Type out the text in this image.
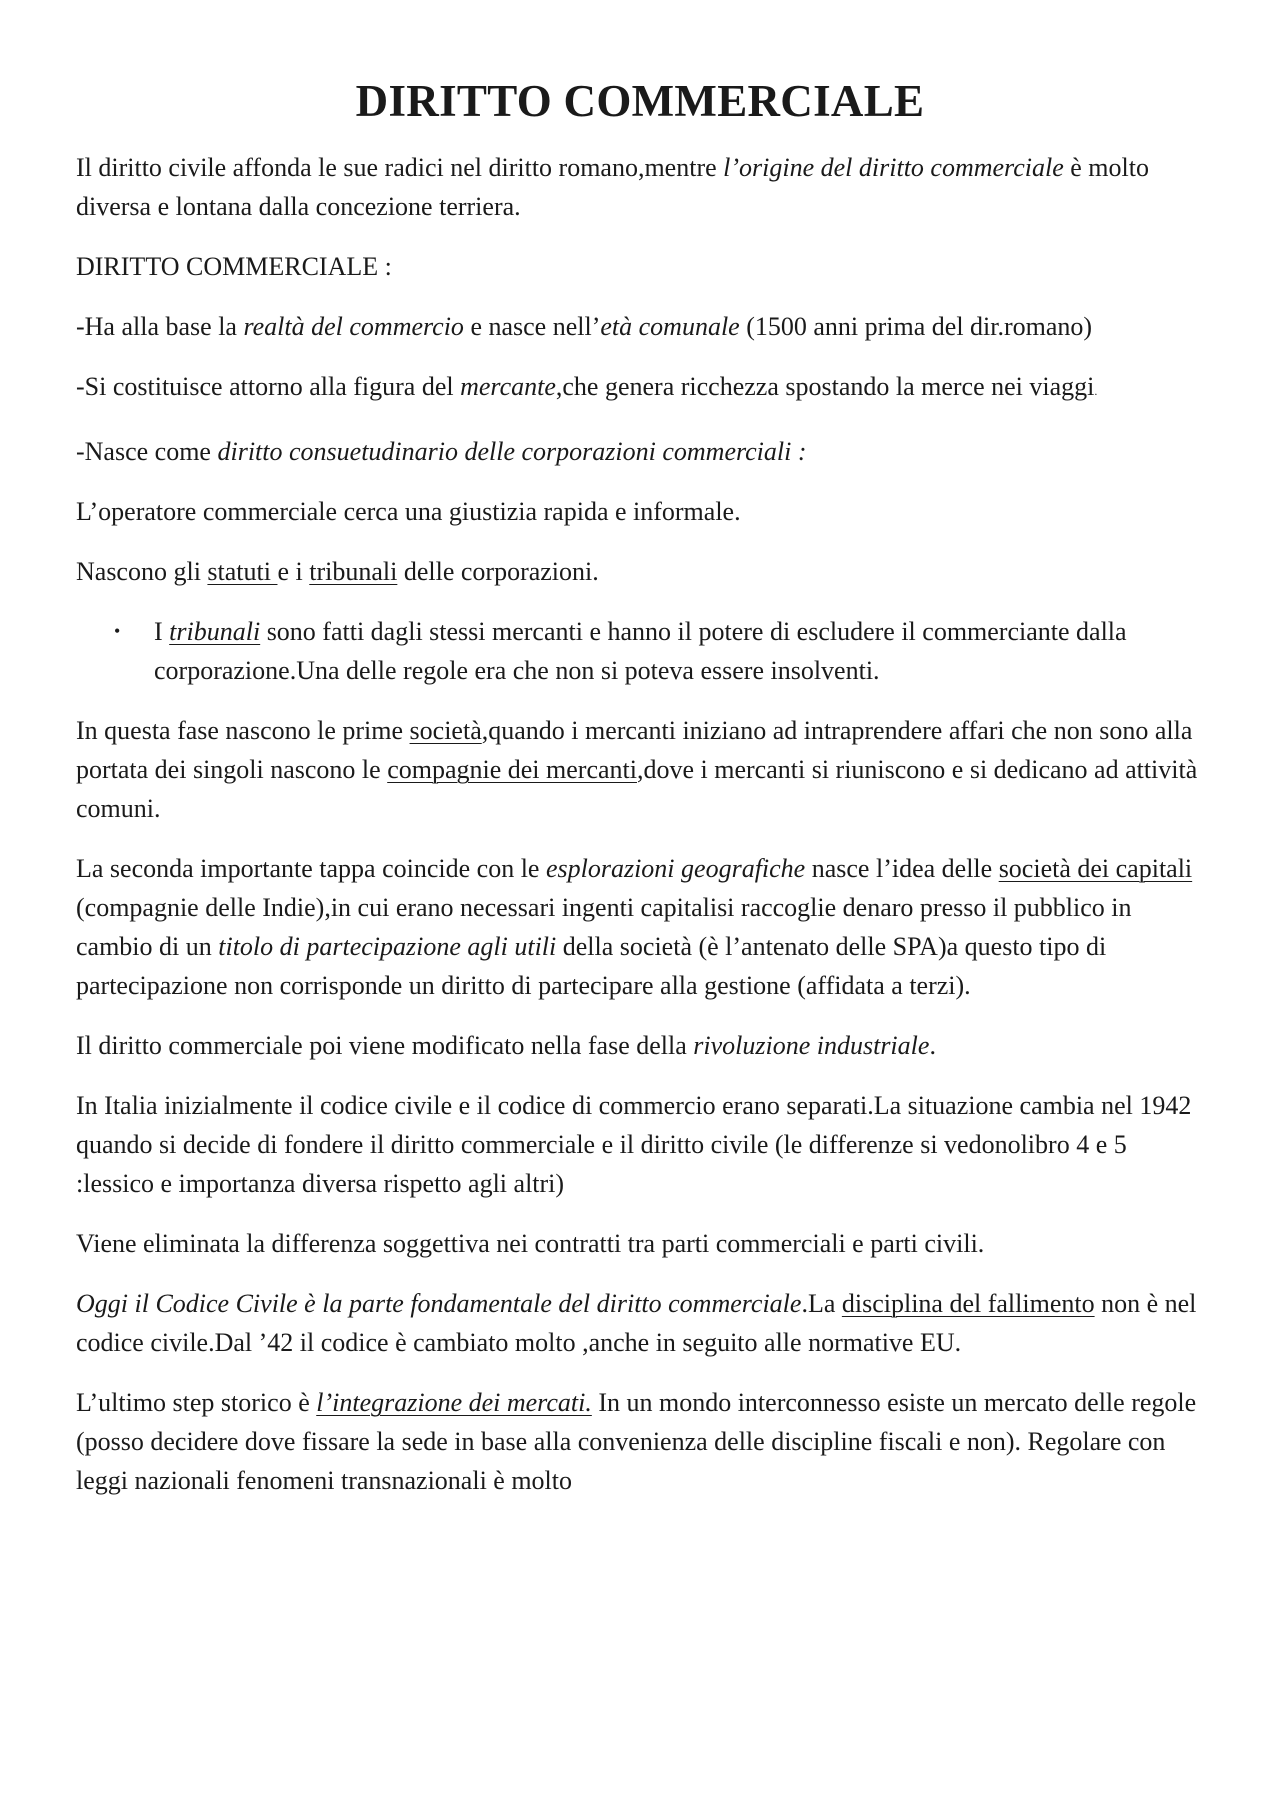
DIRITTO COMMERCIALE

Il diritto civile affonda le sue radici nel diritto romano,mentre l’origine del diritto commerciale è molto diversa e lontana dalla concezione terriera.

DIRITTO COMMERCIALE :

-Ha alla base la realtà del commercio e nasce nell’età comunale (1500 anni prima del dir.romano)

-Si costituisce attorno alla figura del mercante,che genera ricchezza spostando la merce nei viaggi.

-Nasce come diritto consuetudinario delle corporazioni commerciali :

L’operatore commerciale cerca una giustizia rapida e informale.

Nascono gli statuti e i tribunali delle corporazioni.

• I tribunali sono fatti dagli stessi mercanti e hanno il potere di escludere il commerciante dalla corporazione.Una delle regole era che non si poteva essere insolventi.

In questa fase nascono le prime società,quando i mercanti iniziano ad intraprendere affari che non sono alla portata dei singoli nascono le compagnie dei mercanti,dove i mercanti si riuniscono e si dedicano ad attività comuni.

La seconda importante tappa coincide con le esplorazioni geografiche nasce l’idea delle società dei capitali (compagnie delle Indie),in cui erano necessari ingenti capitalisi raccoglie denaro presso il pubblico in cambio di un titolo di partecipazione agli utili della società (è l’antenato delle SPA)a questo tipo di partecipazione non corrisponde un diritto di partecipare alla gestione (affidata a terzi).

Il diritto commerciale poi viene modificato nella fase della rivoluzione industriale.

In Italia inizialmente il codice civile e il codice di commercio erano separati.La situazione cambia nel 1942 quando si decide di fondere il diritto commerciale e il diritto civile (le differenze si vedonolibro 4 e 5 :lessico e importanza diversa rispetto agli altri)

Viene eliminata la differenza soggettiva nei contratti tra parti commerciali e parti civili.

Oggi il Codice Civile è la parte fondamentale del diritto commerciale.La disciplina del fallimento non è nel codice civile.Dal ’42 il codice è cambiato molto ,anche in seguito alle normative EU.

L’ultimo step storico è l’integrazione dei mercati. In un mondo interconnesso esiste un mercato delle regole (posso decidere dove fissare la sede in base alla convenienza delle discipline fiscali e non). Regolare con leggi nazionali fenomeni transnazionali è molto
